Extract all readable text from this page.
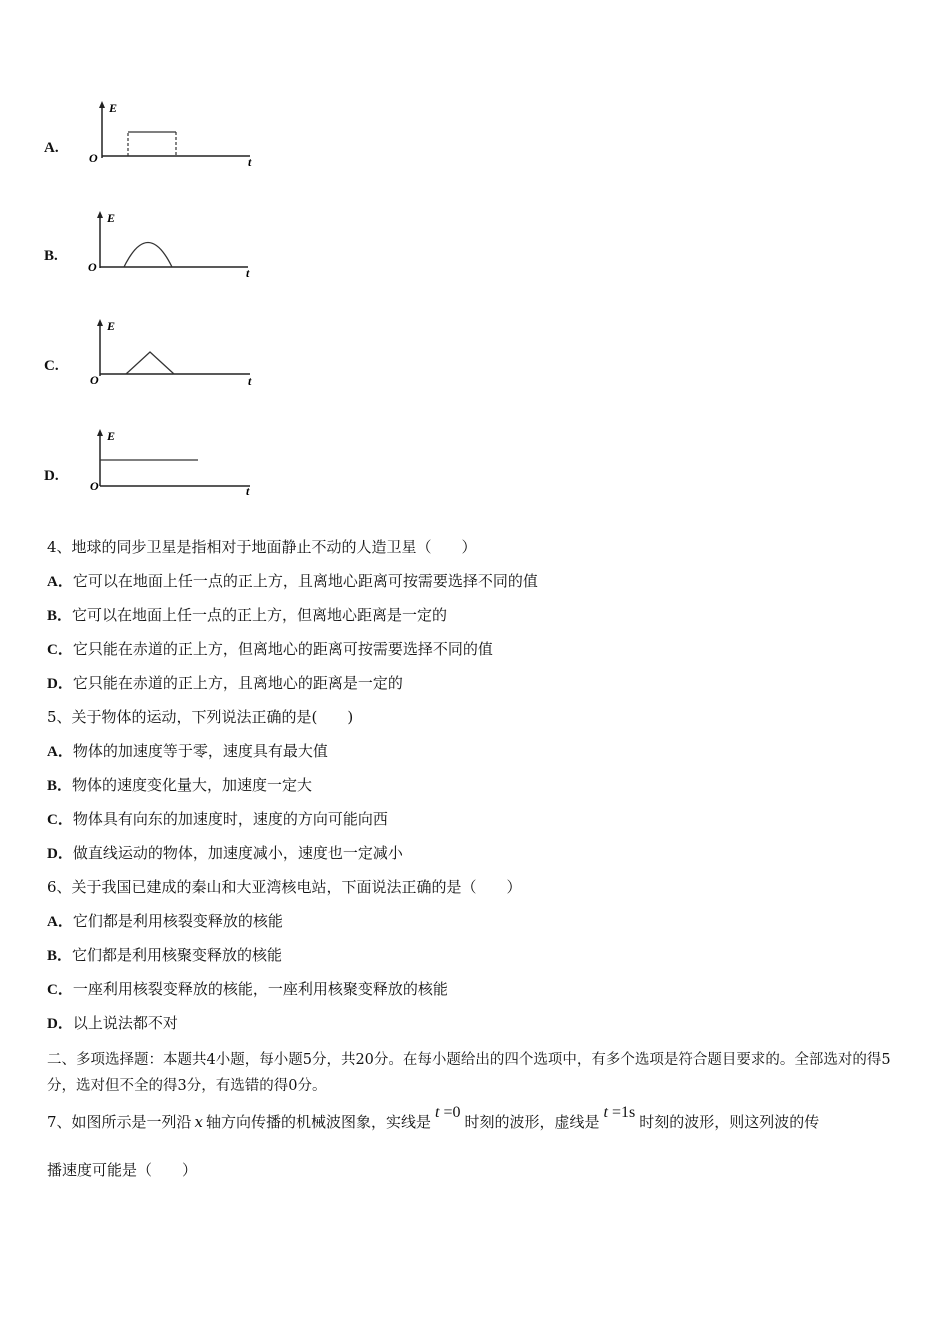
A.
E
O	t
B.
E
O	t
C.
E
O	t
D.
E
O	t
4、地球的同步卫星是指相对于地面静止不动的人造卫星（　　）
A．它可以在地面上任一点的正上方，且离地心距离可按需要选择不同的值
B．它可以在地面上任一点的正上方，但离地心距离是一定的
C．它只能在赤道的正上方，但离地心的距离可按需要选择不同的值
D．它只能在赤道的正上方，且离地心的距离是一定的
5、关于物体的运动，下列说法正确的是(　　)
A．物体的加速度等于零，速度具有最大值
B．物体的速度变化量大，加速度一定大
C．物体具有向东的加速度时，速度的方向可能向西
D．做直线运动的物体，加速度减小，速度也一定减小
6、关于我国已建成的秦山和大亚湾核电站，下面说法正确的是（　　）
A．它们都是利用核裂变释放的核能
B．它们都是利用核聚变释放的核能
C．一座利用核裂变释放的核能，一座利用核聚变释放的核能
D．以上说法都不对
二、多项选择题：本题共4小题，每小题5分，共20分。在每小题给出的四个选项中，有多个选项是符合题目要求的。全部选对的得5分，选对但不全的得3分，有选错的得0分。
7、如图所示是一列沿 x 轴方向传播的机械波图象，实线是t =0时刻的波形，虚线是t =1s时刻的波形，则这列波的传
播速度可能是（　　）
